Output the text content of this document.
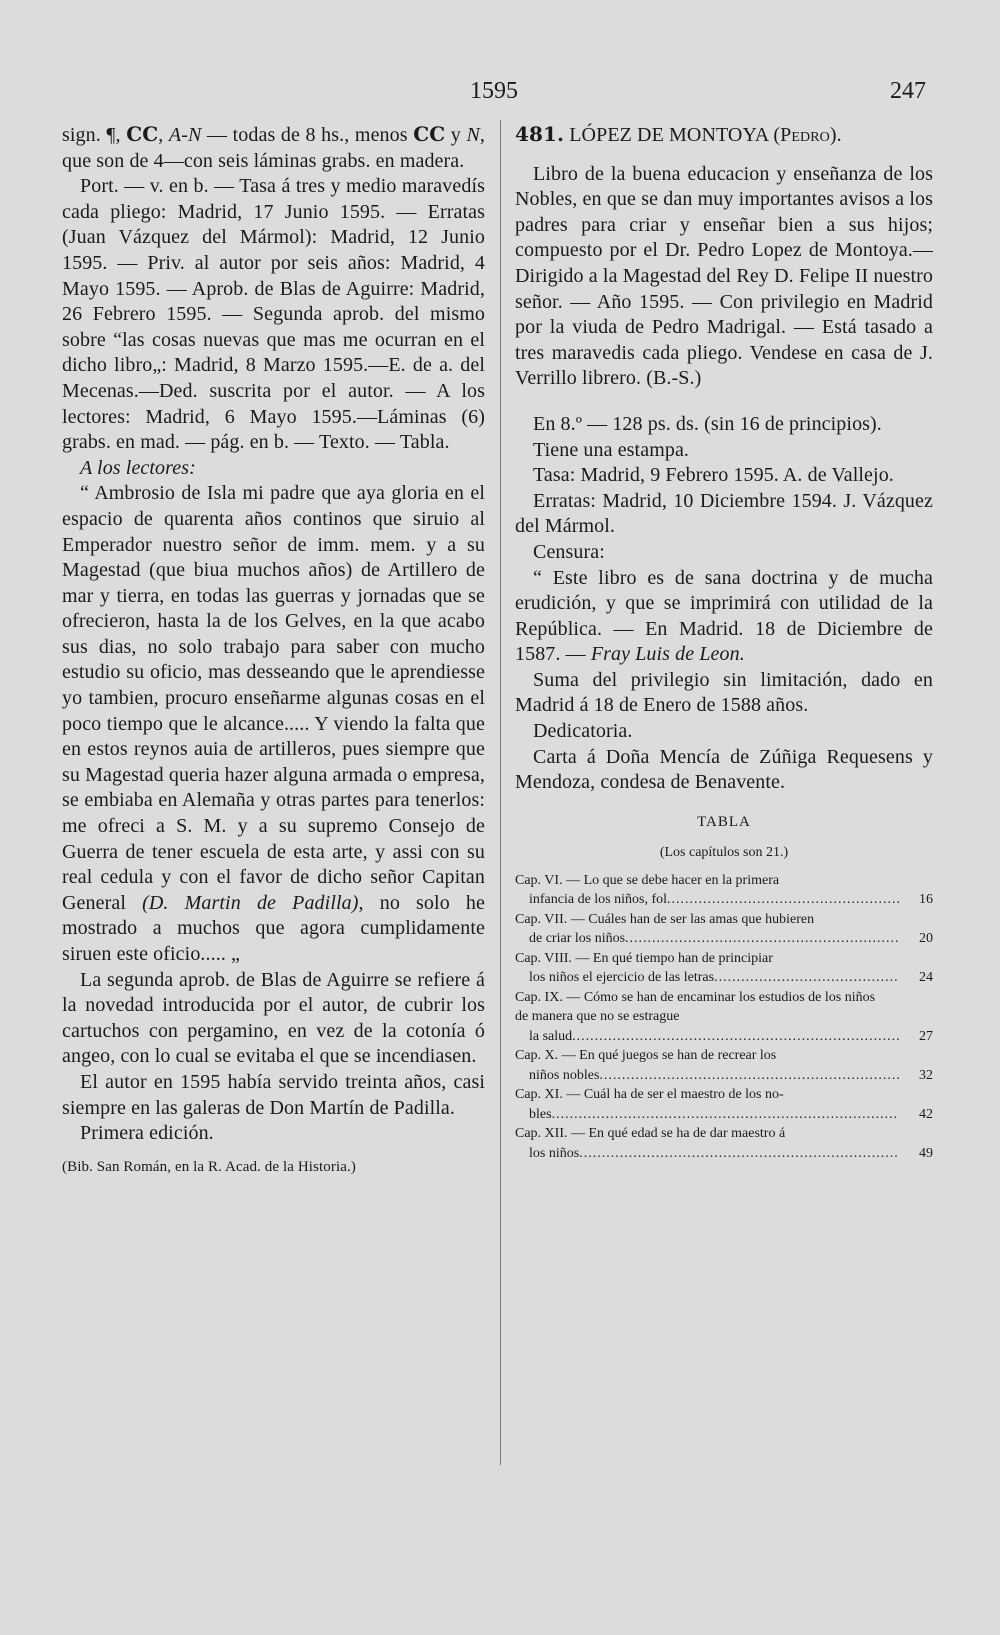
1595	247

sign. ¶, CC, A-N — todas de 8 hs., menos CC y N, que son de 4—con seis láminas grabs. en madera.

Port. — v. en b. — Tasa á tres y medio maravedís cada pliego: Madrid, 17 Junio 1595. — Erratas (Juan Vázquez del Mármol): Madrid, 12 Junio 1595. — Priv. al autor por seis años: Madrid, 4 Mayo 1595. — Aprob. de Blas de Aguirre: Madrid, 26 Febrero 1595. — Segunda aprob. del mismo sobre “las cosas nuevas que mas me ocurran en el dicho libro„: Madrid, 8 Marzo 1595.—E. de a. del Mecenas.—Ded. suscrita por el autor. — A los lectores: Madrid, 6 Mayo 1595.—Láminas (6) grabs. en mad. — pág. en b. — Texto. — Tabla.

A los lectores:

“ Ambrosio de Isla mi padre que aya gloria en el espacio de quarenta años continos que siruio al Emperador nuestro señor de imm. mem. y a su Magestad (que biua muchos años) de Artillero de mar y tierra, en todas las guerras y jornadas que se ofrecieron, hasta la de los Gelves, en la que acabo sus dias, no solo trabajo para saber con mucho estudio su oficio, mas desseando que le aprendiesse yo tambien, procuro enseñarme algunas cosas en el poco tiempo que le alcance..... Y viendo la falta que en estos reynos auia de artilleros, pues siempre que su Magestad queria hazer alguna armada o empresa, se embiaba en Alemaña y otras partes para tenerlos: me ofreci a S. M. y a su supremo Consejo de Guerra de tener escuela de esta arte, y assi con su real cedula y con el favor de dicho señor Capitan General (D. Martin de Padilla), no solo he mostrado a muchos que agora cumplidamente siruen este oficio..... „

La segunda aprob. de Blas de Aguirre se refiere á la novedad introducida por el autor, de cubrir los cartuchos con pergamino, en vez de la cotonía ó angeo, con lo cual se evitaba el que se incendiasen.

El autor en 1595 había servido treinta años, casi siempre en las galeras de Don Martín de Padilla.

Primera edición.

(Bib. San Román, en la R. Acad. de la Historia.)

481. LÓPEZ DE MONTOYA (Pedro).

Libro de la buena educacion y enseñanza de los Nobles, en que se dan muy importantes avisos a los padres para criar y enseñar bien a sus hijos; compuesto por el Dr. Pedro Lopez de Montoya.—Dirigido a la Magestad del Rey D. Felipe II nuestro señor. — Año 1595. — Con privilegio en Madrid por la viuda de Pedro Madrigal. — Está tasado a tres maravedis cada pliego. Vendese en casa de J. Verrillo librero. (B.-S.)

En 8.º — 128 ps. ds. (sin 16 de principios).

Tiene una estampa.

Tasa: Madrid, 9 Febrero 1595. A. de Vallejo.

Erratas: Madrid, 10 Diciembre 1594. J. Vázquez del Mármol.

Censura:

“ Este libro es de sana doctrina y de mucha erudición, y que se imprimirá con utilidad de la República. — En Madrid. 18 de Diciembre de 1587. — Fray Luis de Leon.

Suma del privilegio sin limitación, dado en Madrid á 18 de Enero de 1588 años.

Dedicatoria.

Carta á Doña Mencía de Zúñiga Requesens y Mendoza, condesa de Benavente.

TABLA
(Los capítulos son 21.)
Cap. VI. — Lo que se debe hacer en la primera
infancia de los niños, fol .....	16
Cap. VII. — Cuáles han de ser las amas que hubieren
de criar los niños .....	20
Cap. VIII. — En qué tiempo han de principiar
los niños el ejercicio de las letras .....	24
Cap. IX. — Cómo se han de encaminar los estudios de los niños de manera que no se estrague
la salud .....	27
Cap. X. — En qué juegos se han de recrear los
niños nobles .....	32
Cap. XI. — Cuál ha de ser el maestro de los no-
bles .....	42
Cap. XII. — En qué edad se ha de dar maestro á
los niños .....	49
